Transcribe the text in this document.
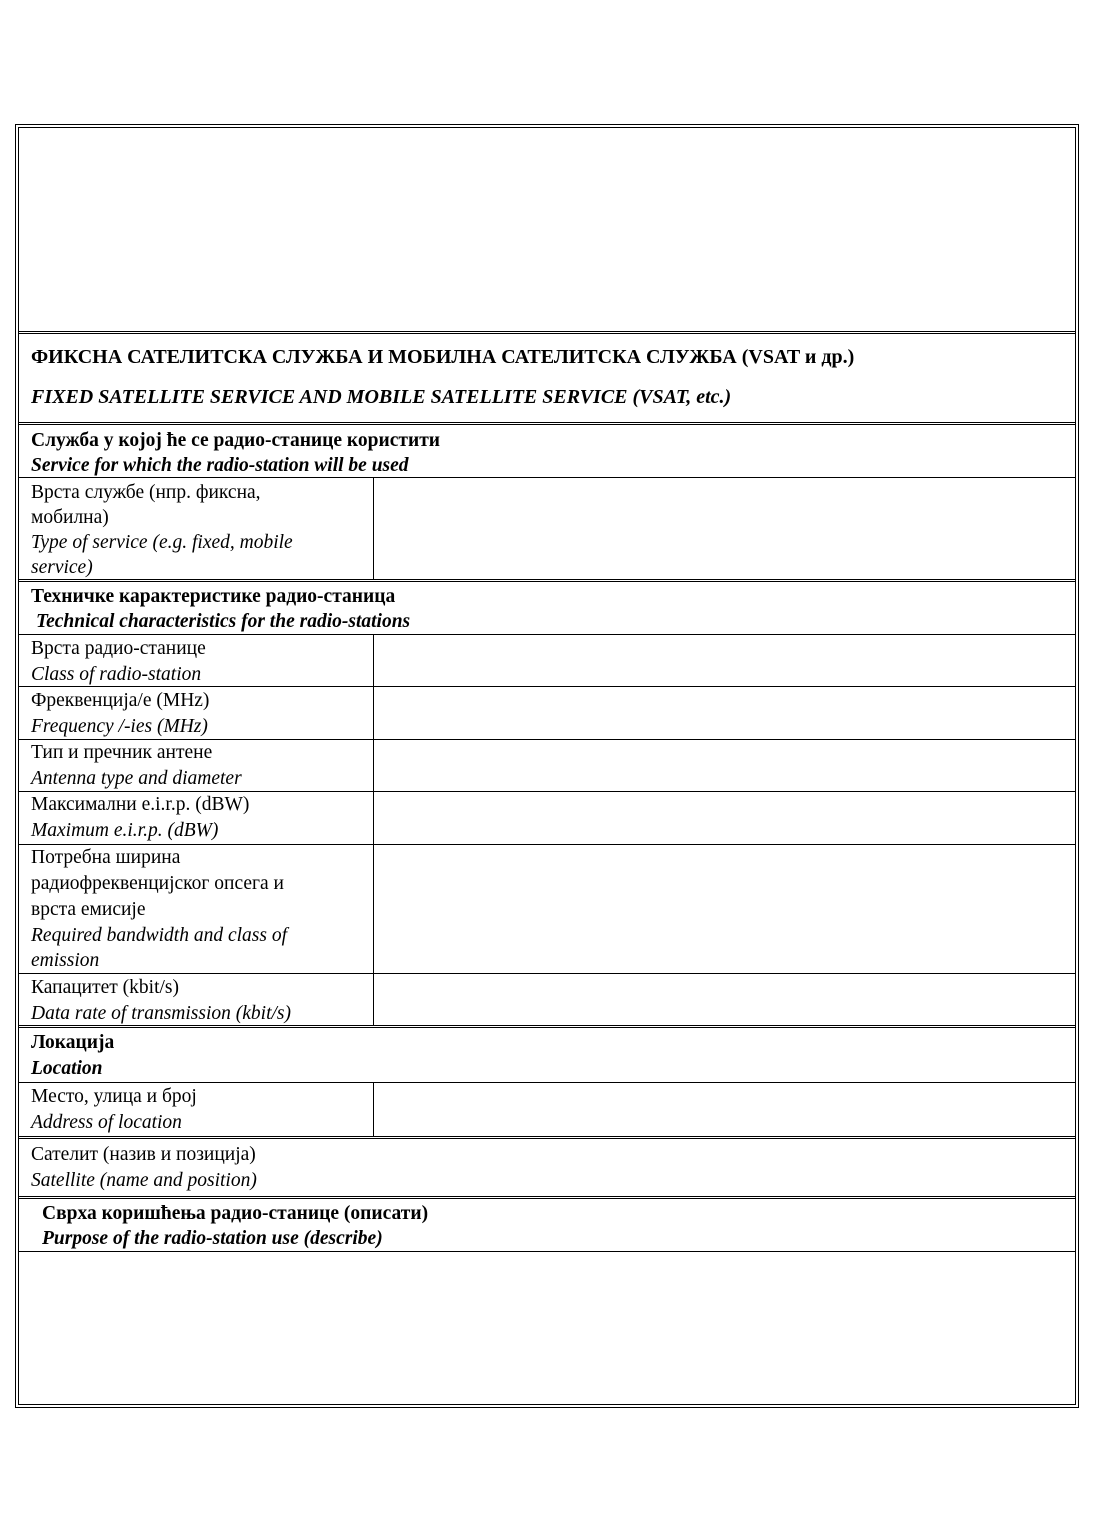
ФИКСНА САТЕЛИТСКА СЛУЖБА И МОБИЛНА САТЕЛИТСКА СЛУЖБА (VSAT и др.)
FIXED SATELLITE SERVICE AND MOBILE SATELLITE SERVICE (VSAT, etc.)
Служба у којој ће се радио-станице користити
Service for which the radio-station will be used
Врста службе (нпр. фиксна,
мобилна)
Type of service (e.g. fixed, mobile
service)
Техничке карактеристике радио-станица
Technical characteristics for the radio-stations
Врста радио-станице
Class of radio-station
Фреквенција/е (MHz)
Frequency /-ies (MHz)
Тип и пречник антене
Antenna type and diameter
Максимални e.i.r.p. (dBW)
Maximum e.i.r.p. (dBW)
Потребна ширина
радиофреквенцијског опсега и
врста емисије
Required bandwidth and class of
emission
Капацитет (kbit/s)
Data rate of transmission (kbit/s)
Локација
Location
Место, улица и број
Address of location
Сателит (назив и позиција)
Satellite (name and position)
Сврха коришћења радио-станице (описати)
Purpose of the radio-station use (describe)
